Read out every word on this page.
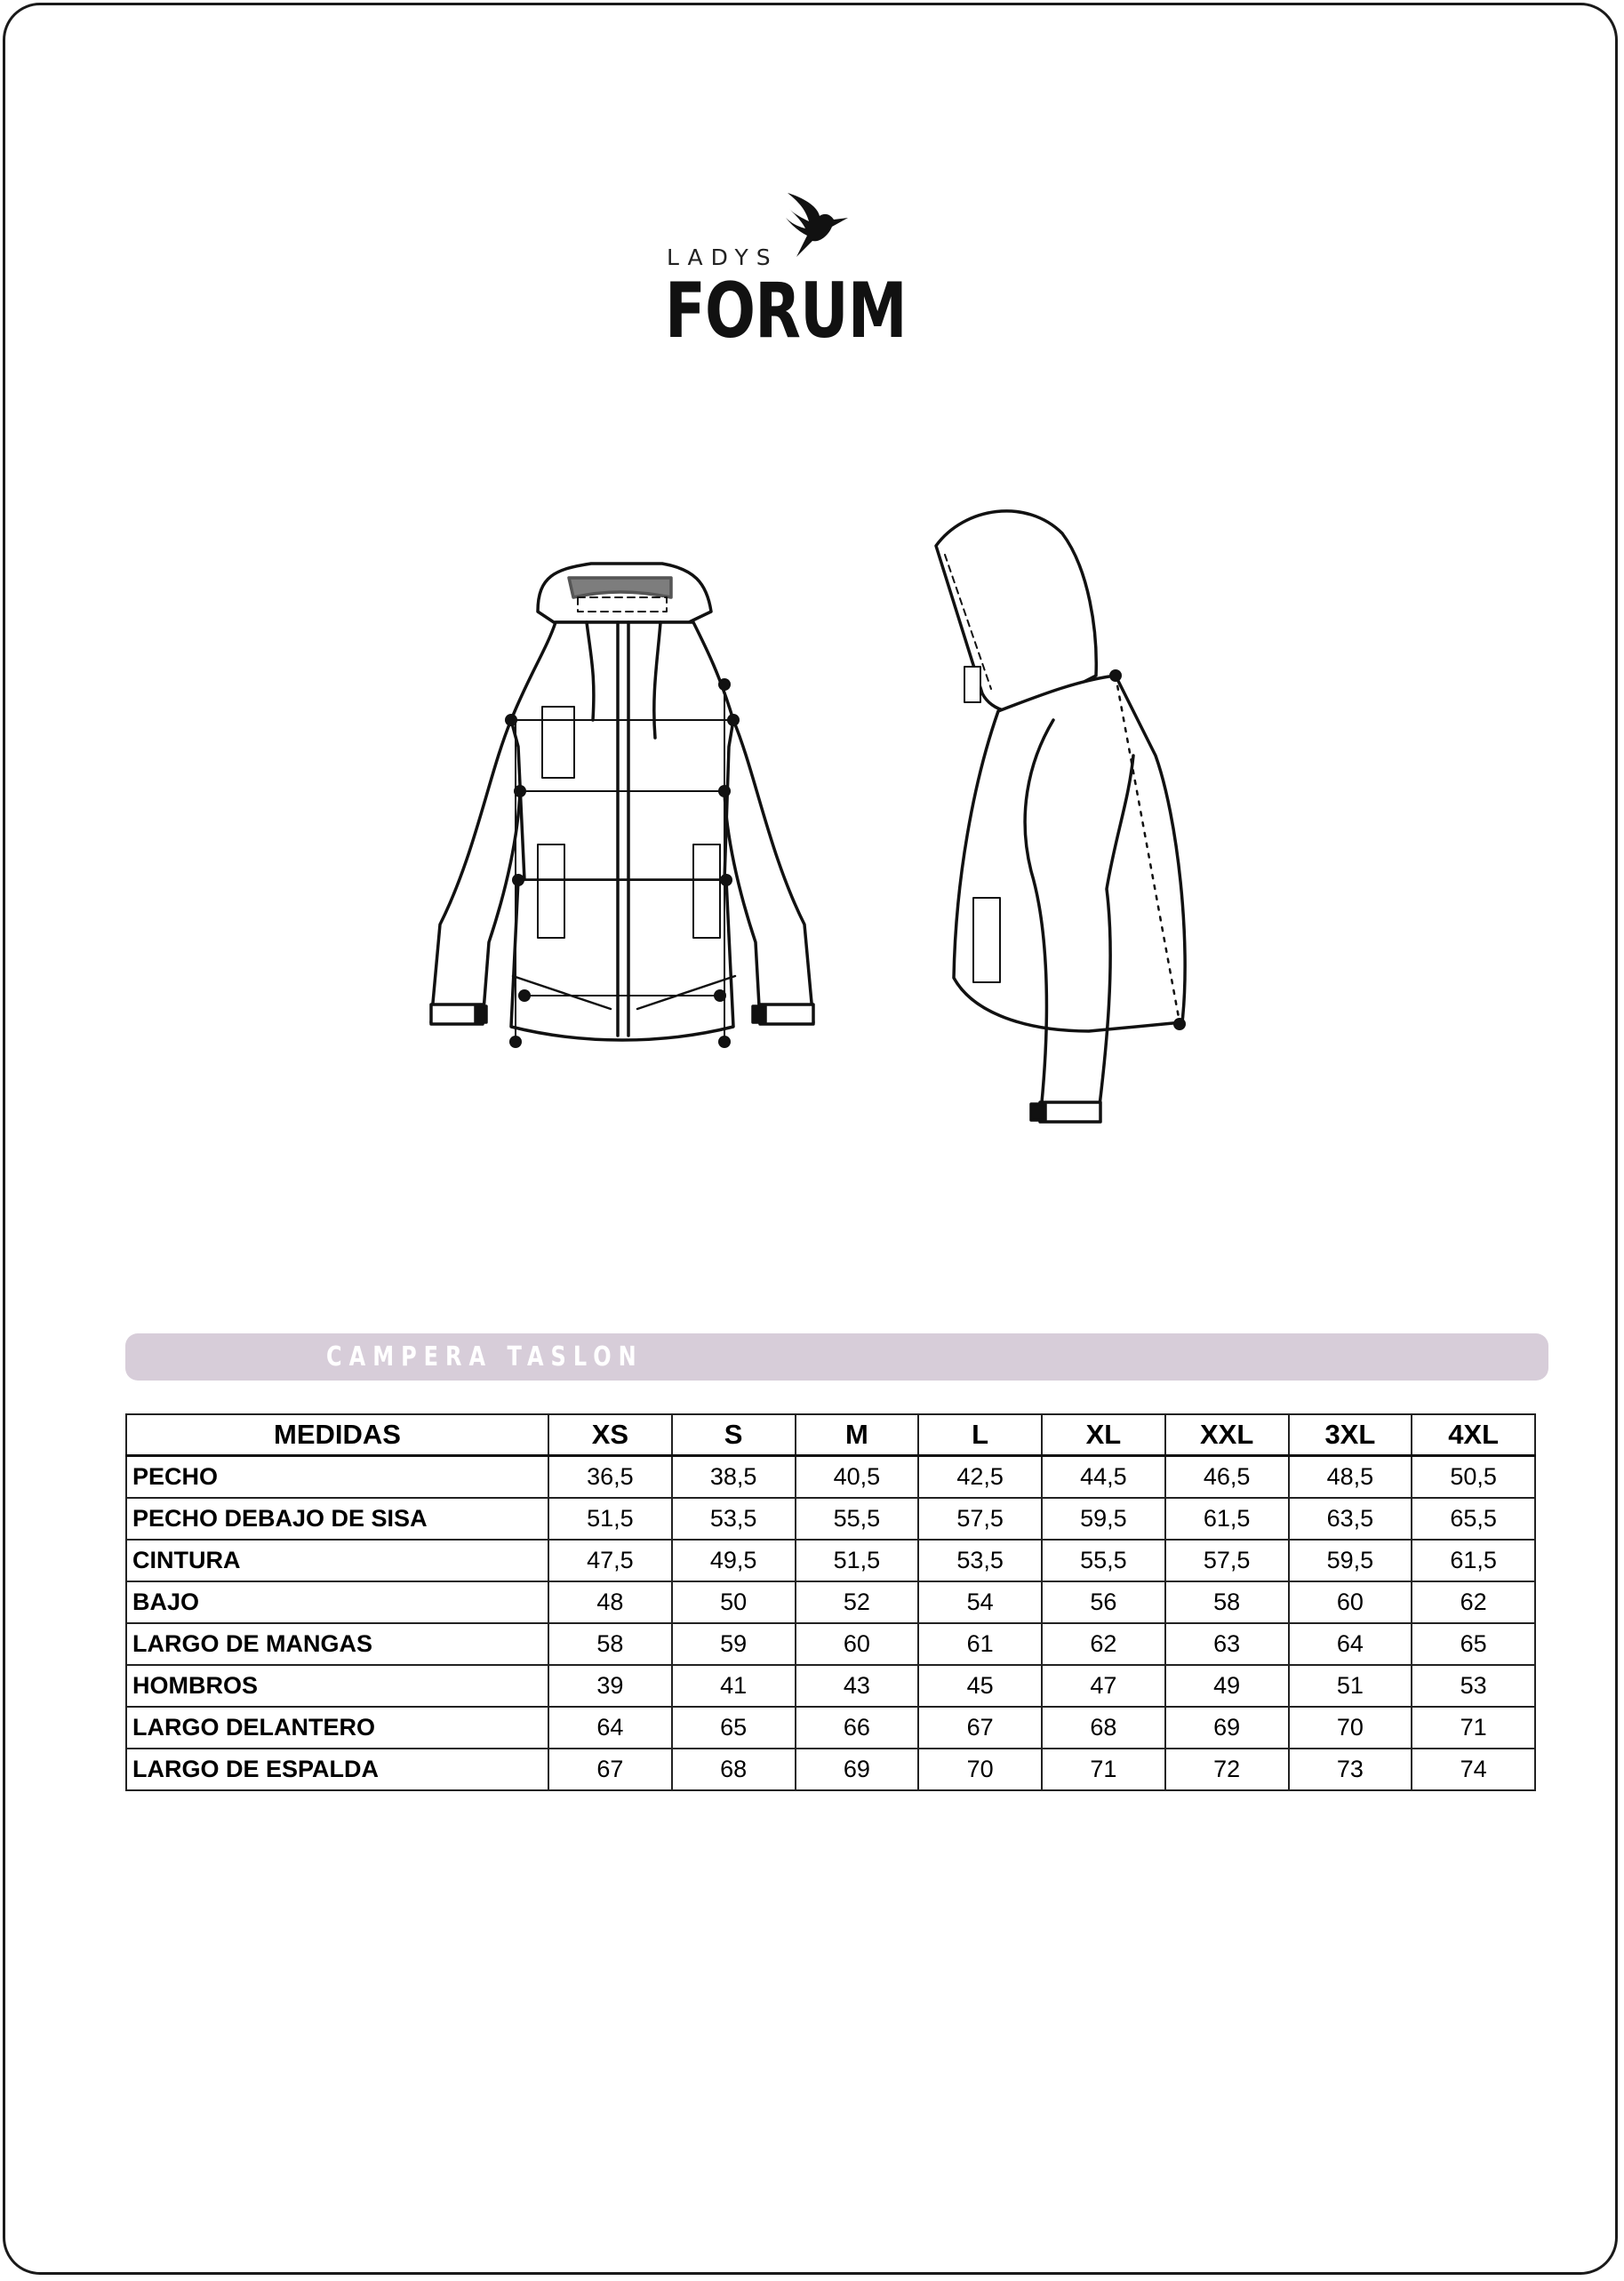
LADYS
FORUM
CAMPERA TASLON
MEDIDAS	XS	S	M	L	XL	XXL	3XL	4XL
PECHO	36,5	38,5	40,5	42,5	44,5	46,5	48,5	50,5
PECHO DEBAJO DE SISA	51,5	53,5	55,5	57,5	59,5	61,5	63,5	65,5
CINTURA	47,5	49,5	51,5	53,5	55,5	57,5	59,5	61,5
BAJO	48	50	52	54	56	58	60	62
LARGO DE MANGAS	58	59	60	61	62	63	64	65
HOMBROS	39	41	43	45	47	49	51	53
LARGO DELANTERO	64	65	66	67	68	69	70	71
LARGO DE ESPALDA	67	68	69	70	71	72	73	74
